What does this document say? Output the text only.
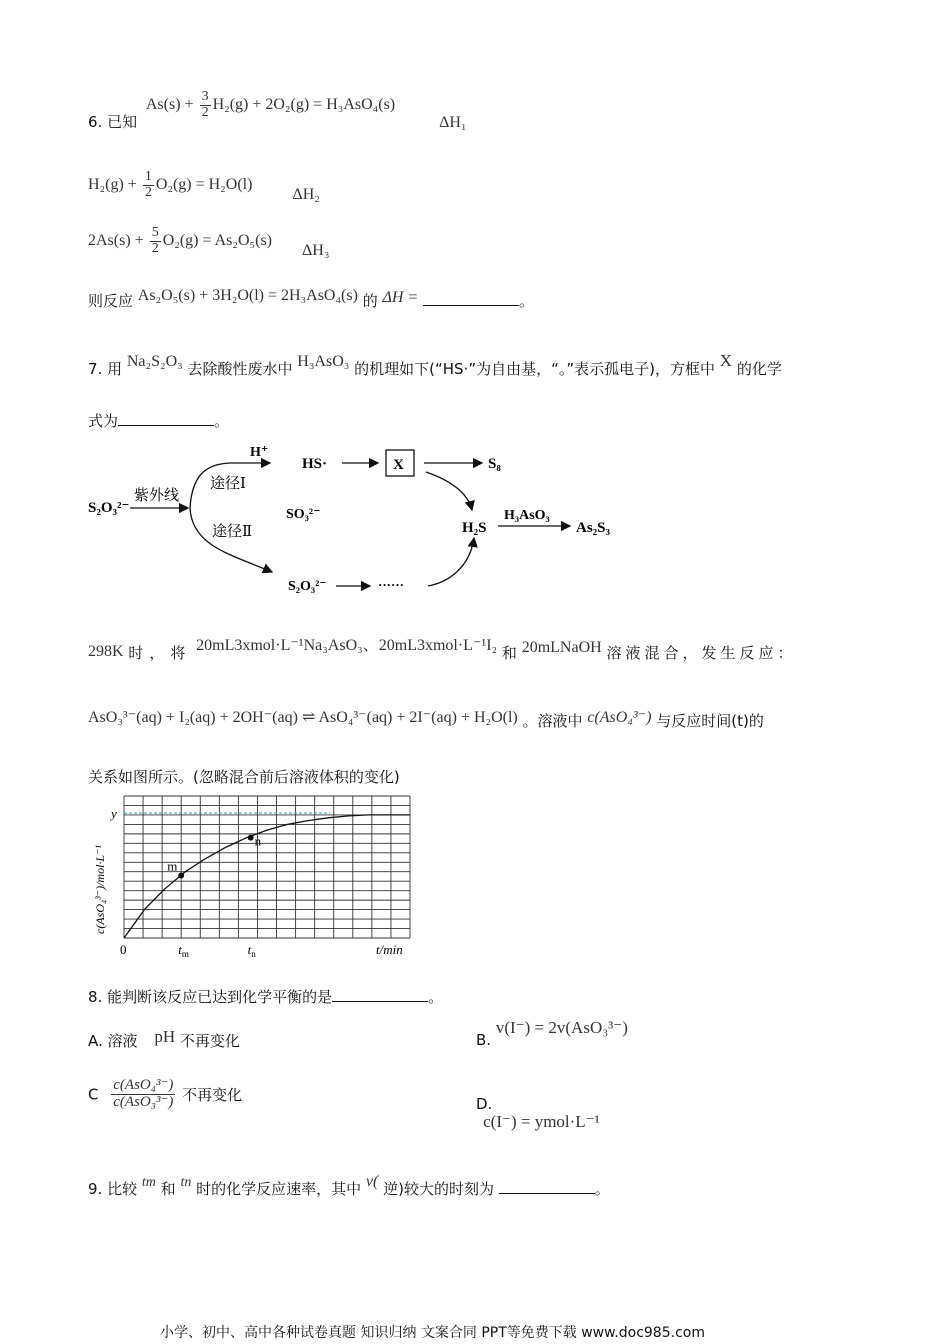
6. 已知 $As(s) + \frac{3}{2} H_2(g) + 2O_2(g) = H_3AsO_4(s)$ ΔH₁
$H_2(g) + \frac{1}{2} O_2(g) = H_2O(l)$ ΔH₂
$2As(s) + \frac{5}{2} O_2(g) = As_2O_5(s)$ ΔH₃
则反应 As₂O₅(s) + 3H₂O(l) = 2H₃AsO₄(s) 的 ΔH =	。
7. 用 Na₂S₂O₃ 去除酸性废水中 H₃AsO₃ 的机理如下(“HS·”为自由基，“。”表示孤电子)，方框中 X 的化学
式为	。
S₂O₃²⁻
紫外线
H⁺
途径Ⅰ
途径Ⅱ
HS·	X	S₈
SO₃²⁻
S₂O₃²⁻	······
H₂S
H₃AsO₃
As₂S₃
298K 时，将 20mL3xmol·L⁻¹Na₃AsO₃、20mL3xmol·L⁻¹I₂ 和 20mLNaOH 溶液混合，发生反应：
AsO₃³⁻(aq) + I₂(aq) + 2OH⁻(aq) ⇌ AsO₄³⁻(aq) + 2I⁻(aq) + H₂O(l) 。溶液中 c(AsO₄³⁻) 与反应时间(t)的
关系如图所示。(忽略混合前后溶液体积的变化)
m
n
y
0	$t_m$	$t_n$	t/min
c(AsO₄³⁻)/mol·L⁻¹
8. 能判断该反应已达到化学平衡的是	。
A. 溶液 pH 不再变化	B. v(I⁻) = 2v(AsO₃³⁻)
C $\frac{\text{c(AsO₄³⁻)}}{\text{c(AsO₃³⁻)}}$ 不再变化
D. c(I⁻) = ymol·L⁻¹
9. 比较 tm 和 tn 时的化学反应速率，其中 v( 逆)较大的时刻为	。
小学、初中、高中各种试卷真题 知识归纳 文案合同 PPT等免费下载 www.doc985.com
